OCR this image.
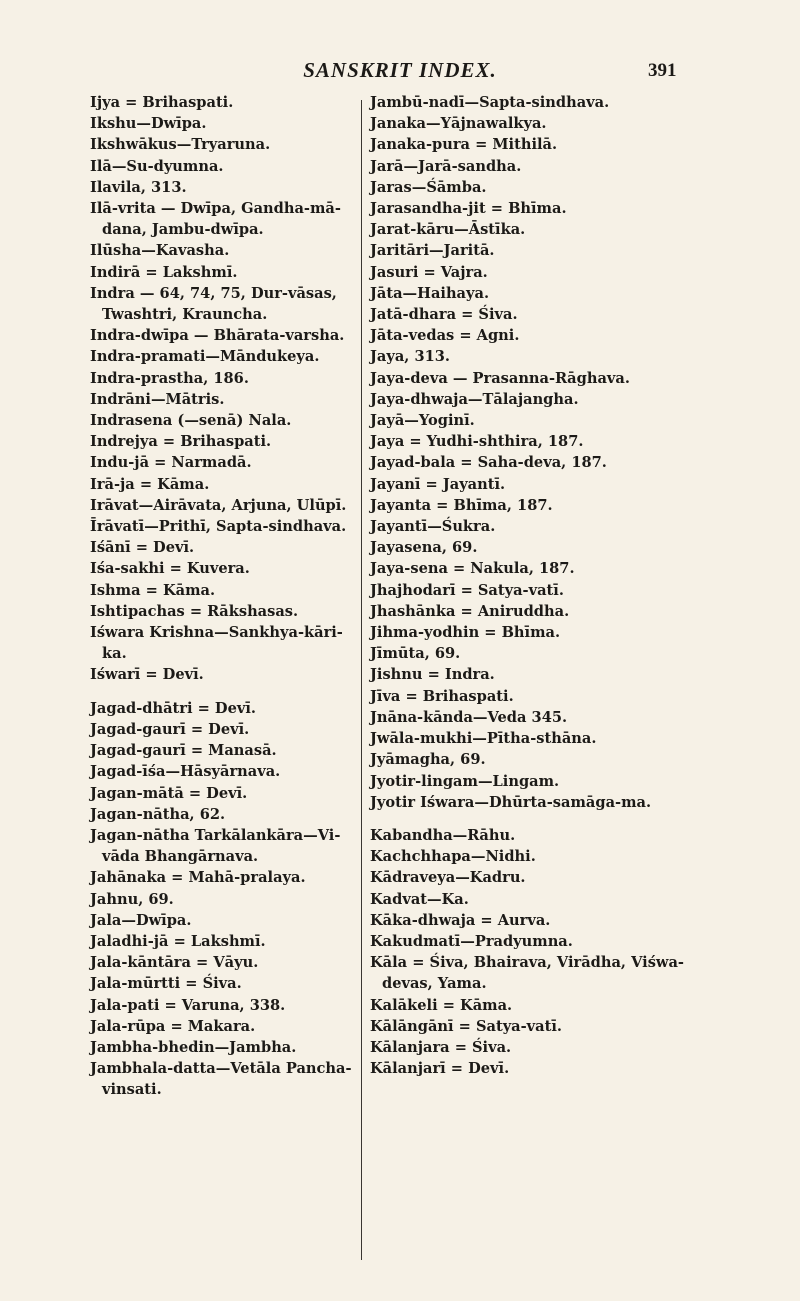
SANSKRIT INDEX.	391
Ijya = Brihaspati.
Ikshu—Dwīpa.
Ikshwākus—Tryaruna.
Ilā—Su-dyumna.
Ilavila, 313.
Ilā-vrita — Dwīpa, Gandha-mā-dana, Jambu-dwīpa.
Ilūsha—Kavasha.
Indirā = Lakshmī.
Indra — 64, 74, 75, Dur-vāsas, Twashtri, Krauncha.
Indra-dwīpa — Bhārata-varsha.
Indra-pramati—Māndukeya.
Indra-prastha, 186.
Indrāni—Mātris.
Indrasena (—senā) Nala.
Indrejya = Brihaspati.
Indu-jā = Narmadā.
Irā-ja = Kāma.
Irāvat—Airāvata, Arjuna, Ulūpī.
Īrāvatī—Prithī, Sapta-sindhava.
Iśānī = Devī.
Iśa-sakhi = Kuvera.
Ishma = Kāma.
Ishtipachas = Rākshasas.
Iśwara Krishna—Sankhya-kāri-ka.
Iśwarī = Devī.
Jagad-dhātri = Devī.
Jagad-gaurī = Devī.
Jagad-gaurī = Manasā.
Jagad-īśa—Hāsyārnava.
Jagan-mātā = Devī.
Jagan-nātha, 62.
Jagan-nātha Tarkālankāra—Vi-vāda Bhangārnava.
Jahānaka = Mahā-pralaya.
Jahnu, 69.
Jala—Dwīpa.
Jaladhi-jā = Lakshmī.
Jala-kāntāra = Vāyu.
Jala-mūrtti = Śiva.
Jala-pati = Varuna, 338.
Jala-rūpa = Makara.
Jambha-bhedin—Jambha.
Jambhala-datta—Vetāla Pancha-vinsati.
Jambū-nadī—Sapta-sindhava.
Janaka—Yājnawalkya.
Janaka-pura = Mithilā.
Jarā—Jarā-sandha.
Jaras—Śāmba.
Jarasandha-jit = Bhīma.
Jarat-kāru—Āstīka.
Jaritāri—Jaritā.
Jasuri = Vajra.
Jāta—Haihaya.
Jatā-dhara = Śiva.
Jāta-vedas = Agni.
Jaya, 313.
Jaya-deva — Prasanna-Rāghava.
Jaya-dhwaja—Tālajangha.
Jayā—Yoginī.
Jaya = Yudhi-shthira, 187.
Jayad-bala = Saha-deva, 187.
Jayanī = Jayantī.
Jayanta = Bhīma, 187.
Jayantī—Śukra.
Jayasena, 69.
Jaya-sena = Nakula, 187.
Jhajhodarī = Satya-vatī.
Jhashānka = Aniruddha.
Jihma-yodhin = Bhīma.
Jīmūta, 69.
Jishnu = Indra.
Jīva = Brihaspati.
Jnāna-kānda—Veda 345.
Jwāla-mukhi—Pītha-sthāna.
Jyāmagha, 69.
Jyotir-lingam—Lingam.
Jyotir Iśwara—Dhūrta-samāga-ma.
Kabandha—Rāhu.
Kachchhapa—Nidhi.
Kādraveya—Kadru.
Kadvat—Ka.
Kāka-dhwaja = Aurva.
Kakudmatī—Pradyumna.
Kāla = Śiva, Bhairava, Virādha, Viśwa-devas, Yama.
Kalākeli = Kāma.
Kālāngānī = Satya-vatī.
Kālanjara = Śiva.
Kālanjarī = Devī.
